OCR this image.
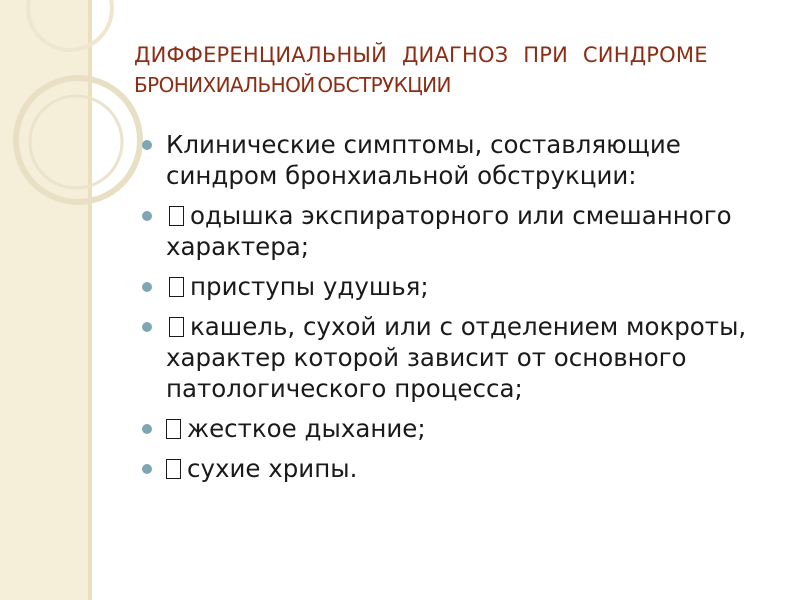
ДИФФЕРЕНЦИАЛЬНЫЙ ДИАГНОЗ ПРИ СИНДРОМЕ
БРОНИХИАЛЬНОЙ ОБСТРУКЦИИ
Клинические симптомы, составляющие синдром бронхиальной обструкции:
одышка экспираторного или смешанного характера;
приступы удушья;
кашель, сухой или с отделением мокроты, характер которой зависит от основного патологического процесса;
жесткое дыхание;
сухие хрипы.
